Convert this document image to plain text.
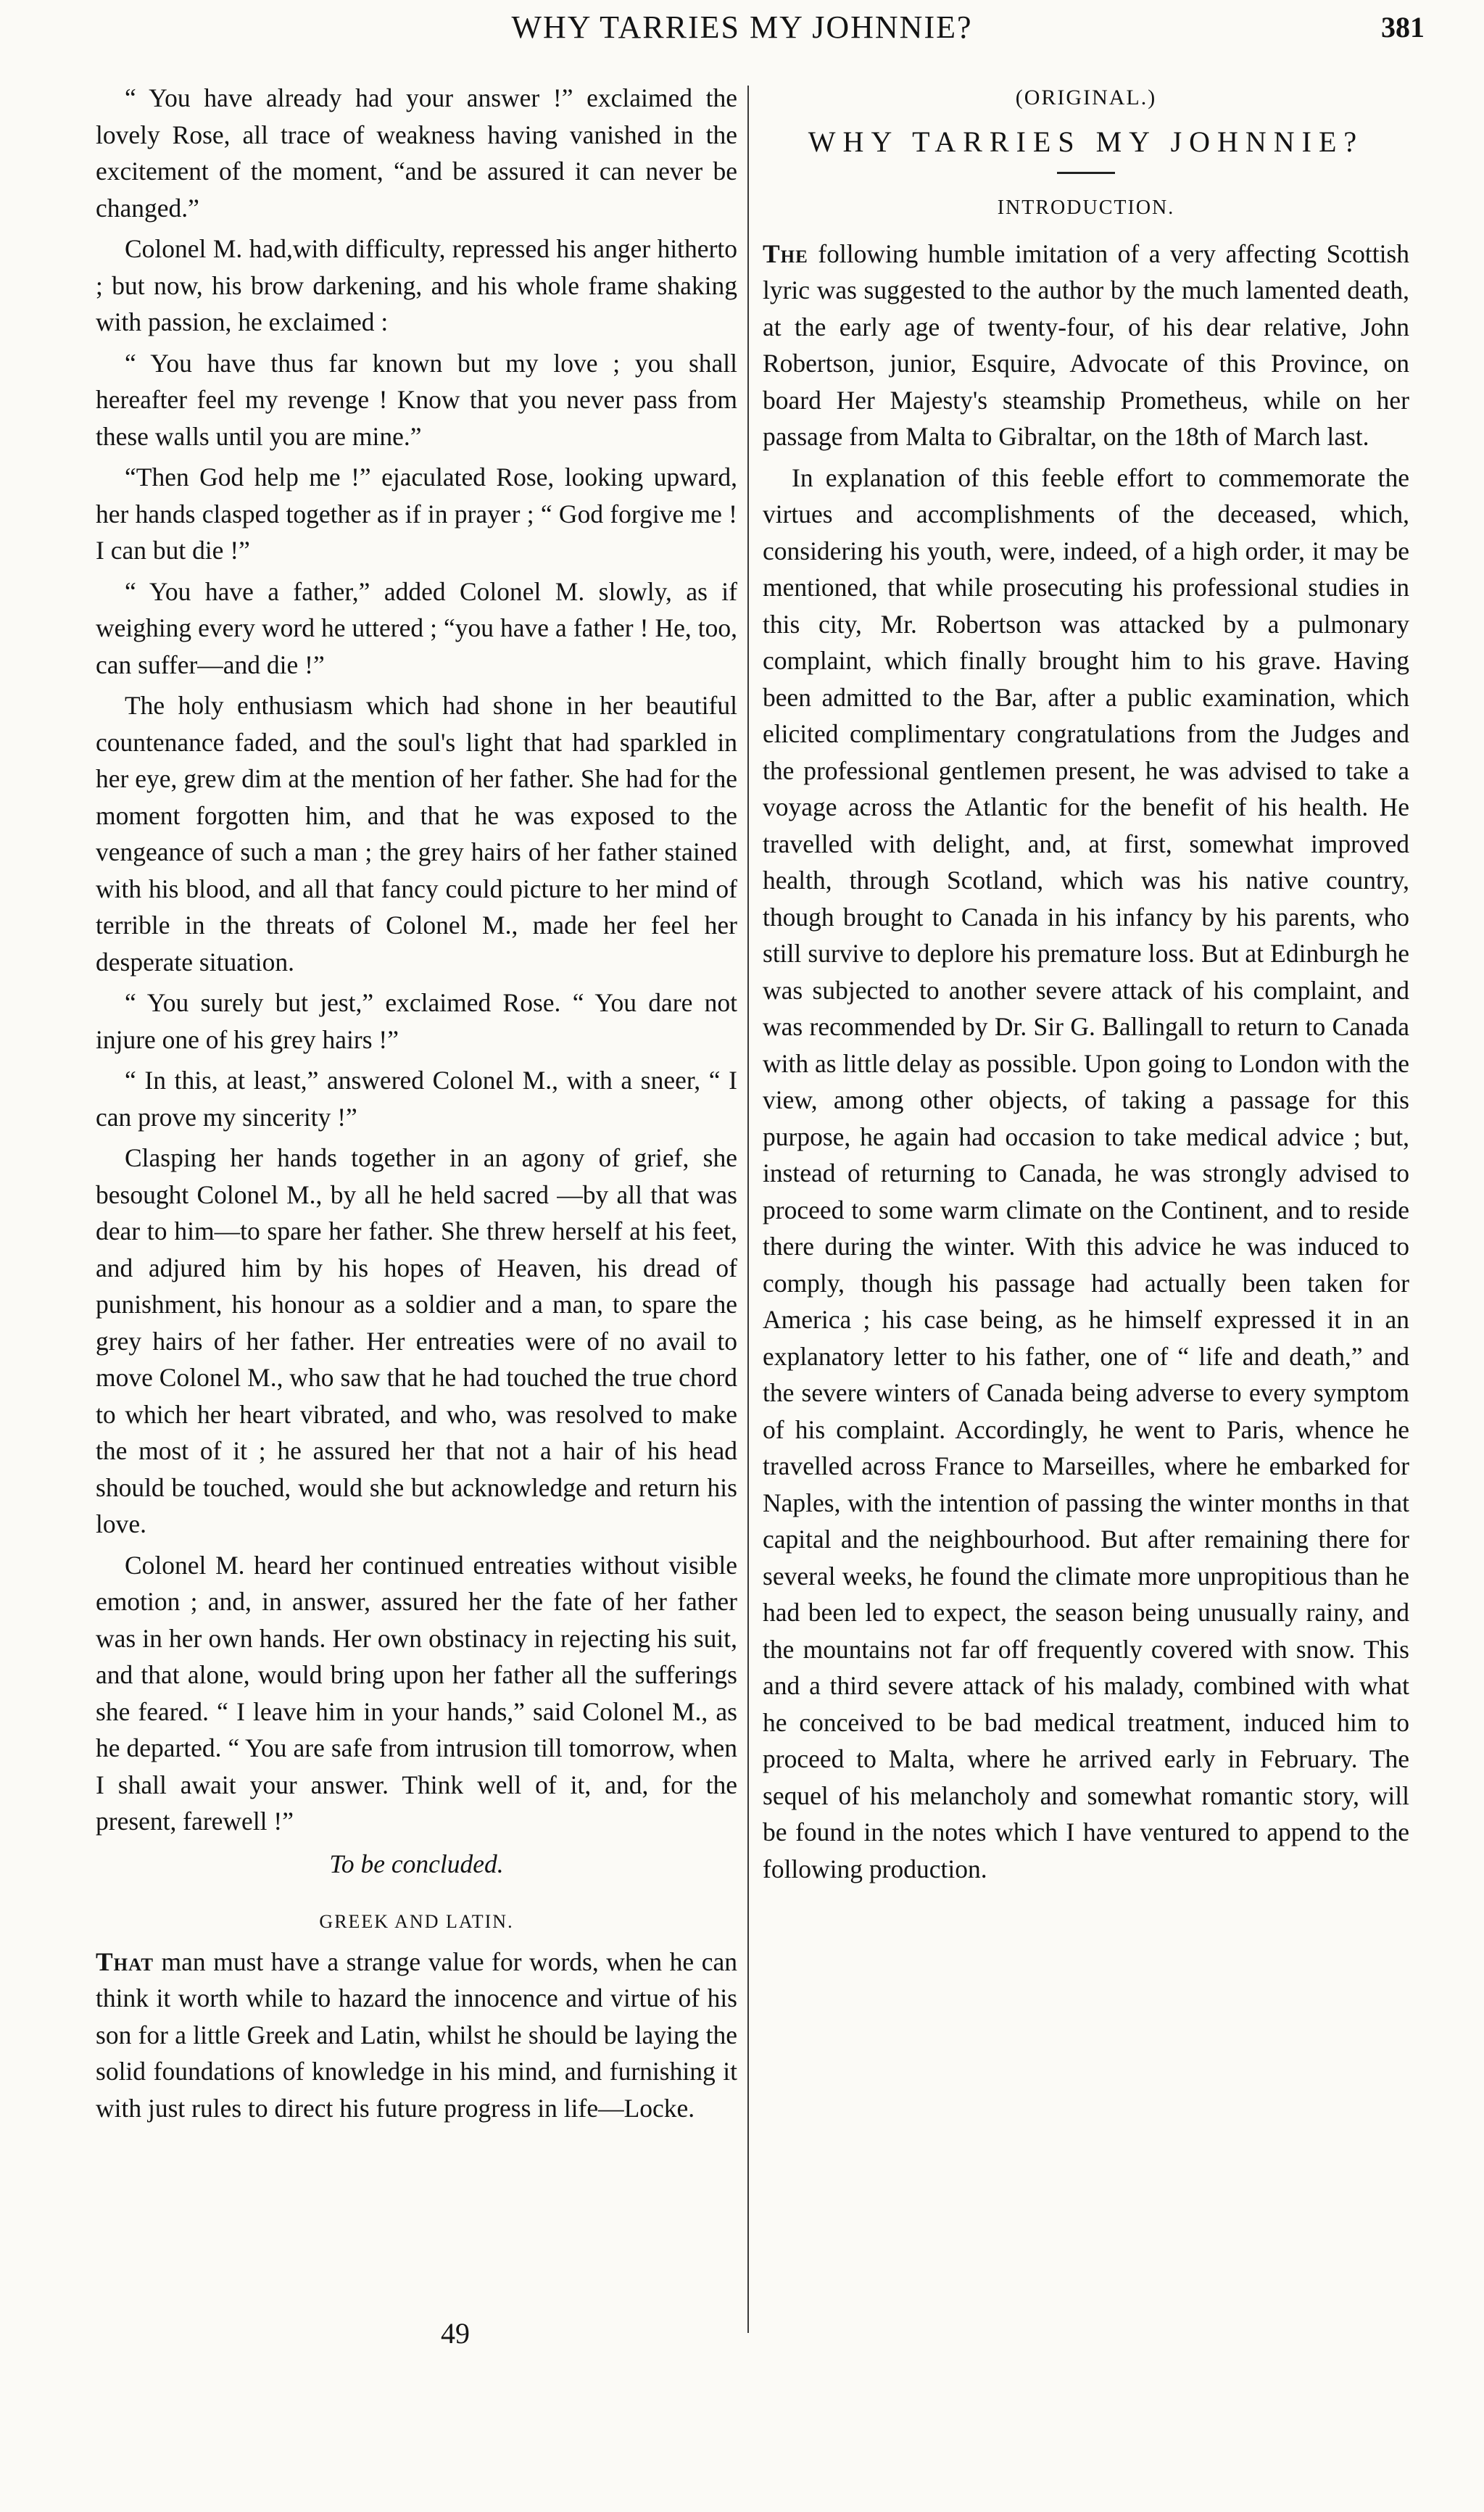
WHY TARRIES MY JOHNNIE?	381

“ You have already had your answer !” exclaimed the lovely Rose, all trace of weakness having vanished in the excitement of the moment, “and be assured it can never be changed.”

Colonel M. had,with difficulty, repressed his anger hitherto ; but now, his brow darkening, and his whole frame shaking with passion, he exclaimed :

“ You have thus far known but my love ; you shall hereafter feel my revenge ! Know that you never pass from these walls until you are mine.”

“Then God help me !” ejaculated Rose, looking upward, her hands clasped together as if in prayer ; “ God forgive me ! I can but die !”

“ You have a father,” added Colonel M. slowly, as if weighing every word he uttered ; “you have a father ! He, too, can suffer—and die !”

The holy enthusiasm which had shone in her beautiful countenance faded, and the soul's light that had sparkled in her eye, grew dim at the mention of her father. She had for the moment forgotten him, and that he was exposed to the vengeance of such a man ; the grey hairs of her father stained with his blood, and all that fancy could picture to her mind of terrible in the threats of Colonel M., made her feel her desperate situation.

“ You surely but jest,” exclaimed Rose. “ You dare not injure one of his grey hairs !”

“ In this, at least,” answered Colonel M., with a sneer, “ I can prove my sincerity !”

Clasping her hands together in an agony of grief, she besought Colonel M., by all he held sacred —by all that was dear to him—to spare her father. She threw herself at his feet, and adjured him by his hopes of Heaven, his dread of punishment, his honour as a soldier and a man, to spare the grey hairs of her father. Her entreaties were of no avail to move Colonel M., who saw that he had touched the true chord to which her heart vibrated, and who, was resolved to make the most of it ; he assured her that not a hair of his head should be touched, would she but acknowledge and return his love.

Colonel M. heard her continued entreaties without visible emotion ; and, in answer, assured her the fate of her father was in her own hands. Her own obstinacy in rejecting his suit, and that alone, would bring upon her father all the sufferings she feared. “ I leave him in your hands,” said Colonel M., as he departed. “ You are safe from intrusion till tomorrow, when I shall await your answer. Think well of it, and, for the present, farewell !”

To be concluded.
GREEK AND LATIN.

That man must have a strange value for words, when he can think it worth while to hazard the innocence and virtue of his son for a little Greek and Latin, whilst he should be laying the solid foundations of knowledge in his mind, and furnishing it with just rules to direct his future progress in life—Locke.

(ORIGINAL.)
WHY TARRIES MY JOHNNIE?
INTRODUCTION.

The following humble imitation of a very affecting Scottish lyric was suggested to the author by the much lamented death, at the early age of twenty-four, of his dear relative, John Robertson, junior, Esquire, Advocate of this Province, on board Her Majesty's steamship Prometheus, while on her passage from Malta to Gibraltar, on the 18th of March last.

In explanation of this feeble effort to commemorate the virtues and accomplishments of the deceased, which, considering his youth, were, indeed, of a high order, it may be mentioned, that while prosecuting his professional studies in this city, Mr. Robertson was attacked by a pulmonary complaint, which finally brought him to his grave. Having been admitted to the Bar, after a public examination, which elicited complimentary congratulations from the Judges and the professional gentlemen present, he was advised to take a voyage across the Atlantic for the benefit of his health. He travelled with delight, and, at first, somewhat improved health, through Scotland, which was his native country, though brought to Canada in his infancy by his parents, who still survive to deplore his premature loss. But at Edinburgh he was subjected to another severe attack of his complaint, and was recommended by Dr. Sir G. Ballingall to return to Canada with as little delay as possible. Upon going to London with the view, among other objects, of taking a passage for this purpose, he again had occasion to take medical advice ; but, instead of returning to Canada, he was strongly advised to proceed to some warm climate on the Continent, and to reside there during the winter. With this advice he was induced to comply, though his passage had actually been taken for America ; his case being, as he himself expressed it in an explanatory letter to his father, one of “ life and death,” and the severe winters of Canada being adverse to every symptom of his complaint. Accordingly, he went to Paris, whence he travelled across France to Marseilles, where he embarked for Naples, with the intention of passing the winter months in that capital and the neighbourhood. But after remaining there for several weeks, he found the climate more unpropitious than he had been led to expect, the season being unusually rainy, and the mountains not far off frequently covered with snow. This and a third severe attack of his malady, combined with what he conceived to be bad medical treatment, induced him to proceed to Malta, where he arrived early in February. The sequel of his melancholy and somewhat romantic story, will be found in the notes which I have ventured to append to the following production.

49
